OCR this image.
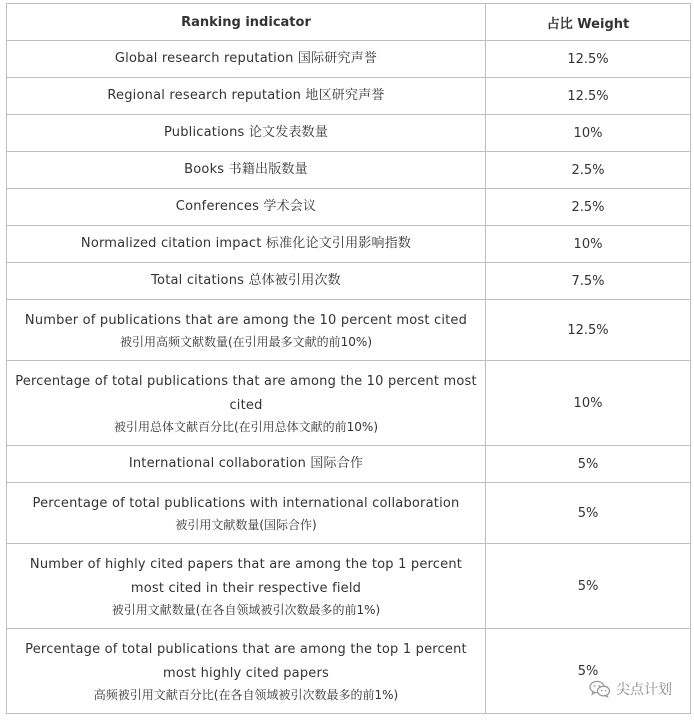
Ranking indicator	占比 Weight

Global research reputation 国际研究声誉	12.5%

Regional research reputation 地区研究声誉	12.5%

Publications 论文发表数量	10%

Books 书籍出版数量	2.5%

Conferences 学术会议	2.5%

Normalized citation impact 标准化论文引用影响指数	10%

Total citations 总体被引用次数	7.5%

Number of publications that are among the 10 percent most cited
被引用高频文献数量(在引用最多文献的前10%)	12.5%

Percentage of total publications that are among the 10 percent most cited
被引用总体文献百分比(在引用总体文献的前10%)	10%

International collaboration 国际合作	5%

Percentage of total publications with international collaboration
被引用文献数量(国际合作)	5%

Number of highly cited papers that are among the top 1 percent most cited in their respective field
被引用文献数量(在各自领域被引次数最多的前1%)	5%

Percentage of total publications that are among the top 1 percent most highly cited papers
高频被引用文献百分比(在各自领域被引次数最多的前1%)	5%
尖点计划
